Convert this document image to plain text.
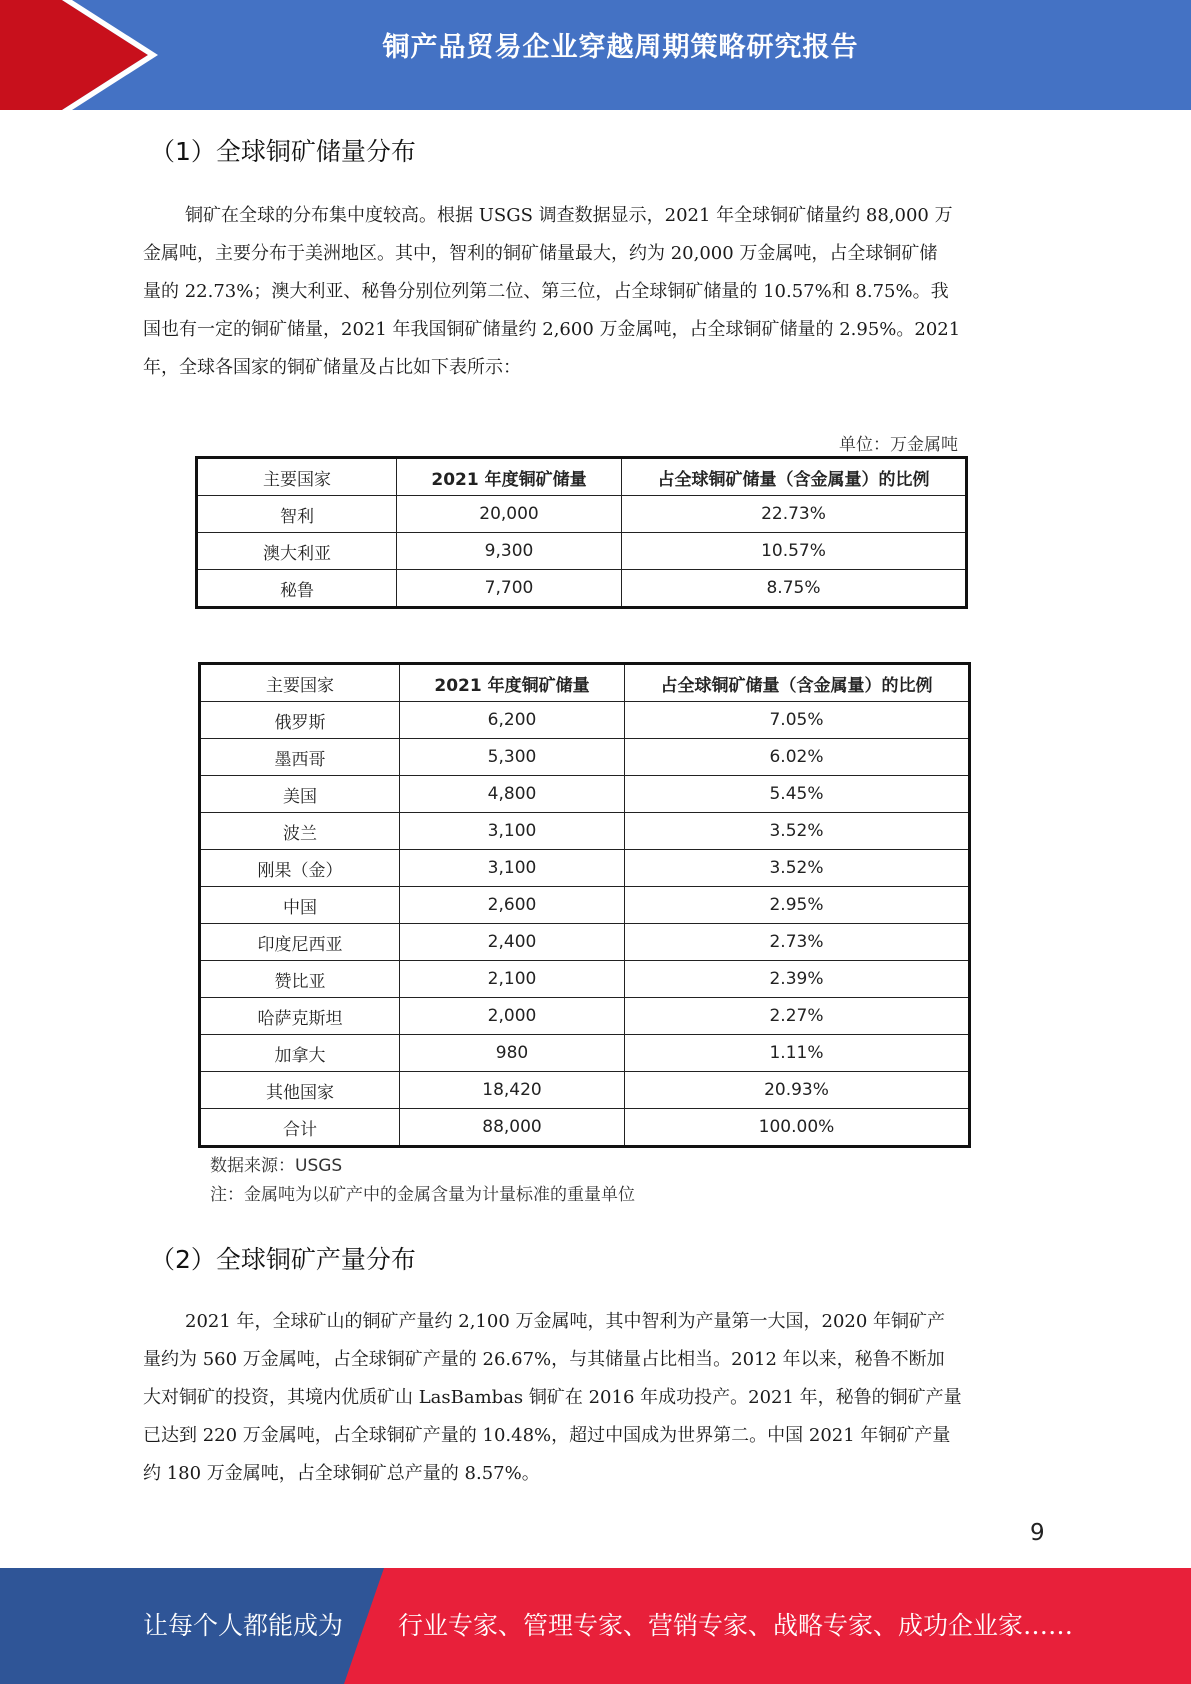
铜产品贸易企业穿越周期策略研究报告
（1）全球铜矿储量分布
铜矿在全球的分布集中度较高。根据 USGS 调查数据显示，2021 年全球铜矿储量约 88,000 万
金属吨，主要分布于美洲地区。其中，智利的铜矿储量最大，约为 20,000 万金属吨，占全球铜矿储
量的 22.73%；澳大利亚、秘鲁分别位列第二位、第三位，占全球铜矿储量的 10.57%和 8.75%。我
国也有一定的铜矿储量，2021 年我国铜矿储量约 2,600 万金属吨，占全球铜矿储量的 2.95%。2021
年，全球各国家的铜矿储量及占比如下表所示：
单位：万金属吨
主要国家	2021 年度铜矿储量	占全球铜矿储量（含金属量）的比例
智利	20,000	22.73%
澳大利亚	9,300	10.57%
秘鲁	7,700	8.75%
主要国家	2021 年度铜矿储量	占全球铜矿储量（含金属量）的比例
俄罗斯	6,200	7.05%
墨西哥	5,300	6.02%
美国	4,800	5.45%
波兰	3,100	3.52%
刚果（金）	3,100	3.52%
中国	2,600	2.95%
印度尼西亚	2,400	2.73%
赞比亚	2,100	2.39%
哈萨克斯坦	2,000	2.27%
加拿大	980	1.11%
其他国家	18,420	20.93%
合计	88,000	100.00%
数据来源：USGS
注：金属吨为以矿产中的金属含量为计量标准的重量单位
（2）全球铜矿产量分布
2021 年，全球矿山的铜矿产量约 2,100 万金属吨，其中智利为产量第一大国，2020 年铜矿产
量约为 560 万金属吨，占全球铜矿产量的 26.67%，与其储量占比相当。2012 年以来，秘鲁不断加
大对铜矿的投资，其境内优质矿山 LasBambas 铜矿在 2016 年成功投产。2021 年，秘鲁的铜矿产量
已达到 220 万金属吨，占全球铜矿产量的 10.48%，超过中国成为世界第二。中国 2021 年铜矿产量
约 180 万金属吨，占全球铜矿总产量的 8.57%。
9
让每个人都能成为 行业专家、管理专家、营销专家、战略专家、成功企业家……
